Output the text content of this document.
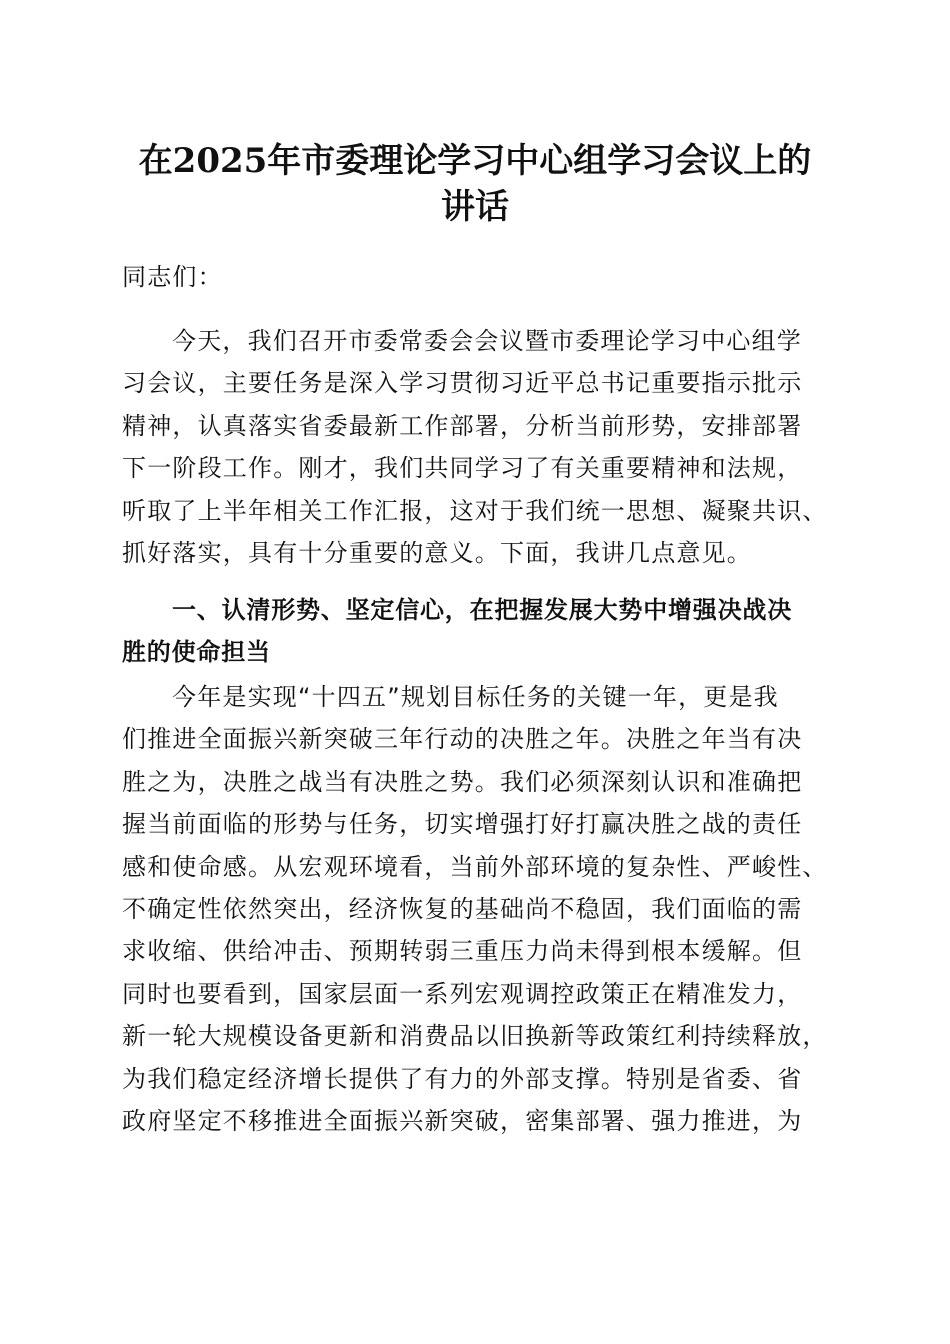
在2025年市委理论学习中心组学习会议上的
讲话

同志们：

今天，我们召开市委常委会会议暨市委理论学习中心组学
习会议，主要任务是深入学习贯彻习近平总书记重要指示批示
精神，认真落实省委最新工作部署，分析当前形势，安排部署
下一阶段工作。刚才，我们共同学习了有关重要精神和法规，
听取了上半年相关工作汇报，这对于我们统一思想、凝聚共识、
抓好落实，具有十分重要的意义。下面，我讲几点意见。
一、认清形势、坚定信心，在把握发展大势中增强决战决
胜的使命担当
今年是实现“十四五”规划目标任务的关键一年，更是我
们推进全面振兴新突破三年行动的决胜之年。决胜之年当有决
胜之为，决胜之战当有决胜之势。我们必须深刻认识和准确把
握当前面临的形势与任务，切实增强打好打赢决胜之战的责任
感和使命感。从宏观环境看，当前外部环境的复杂性、严峻性、
不确定性依然突出，经济恢复的基础尚不稳固，我们面临的需
求收缩、供给冲击、预期转弱三重压力尚未得到根本缓解。但
同时也要看到，国家层面一系列宏观调控政策正在精准发力，
新一轮大规模设备更新和消费品以旧换新等政策红利持续释放，
为我们稳定经济增长提供了有力的外部支撑。特别是省委、省
政府坚定不移推进全面振兴新突破，密集部署、强力推进，为
